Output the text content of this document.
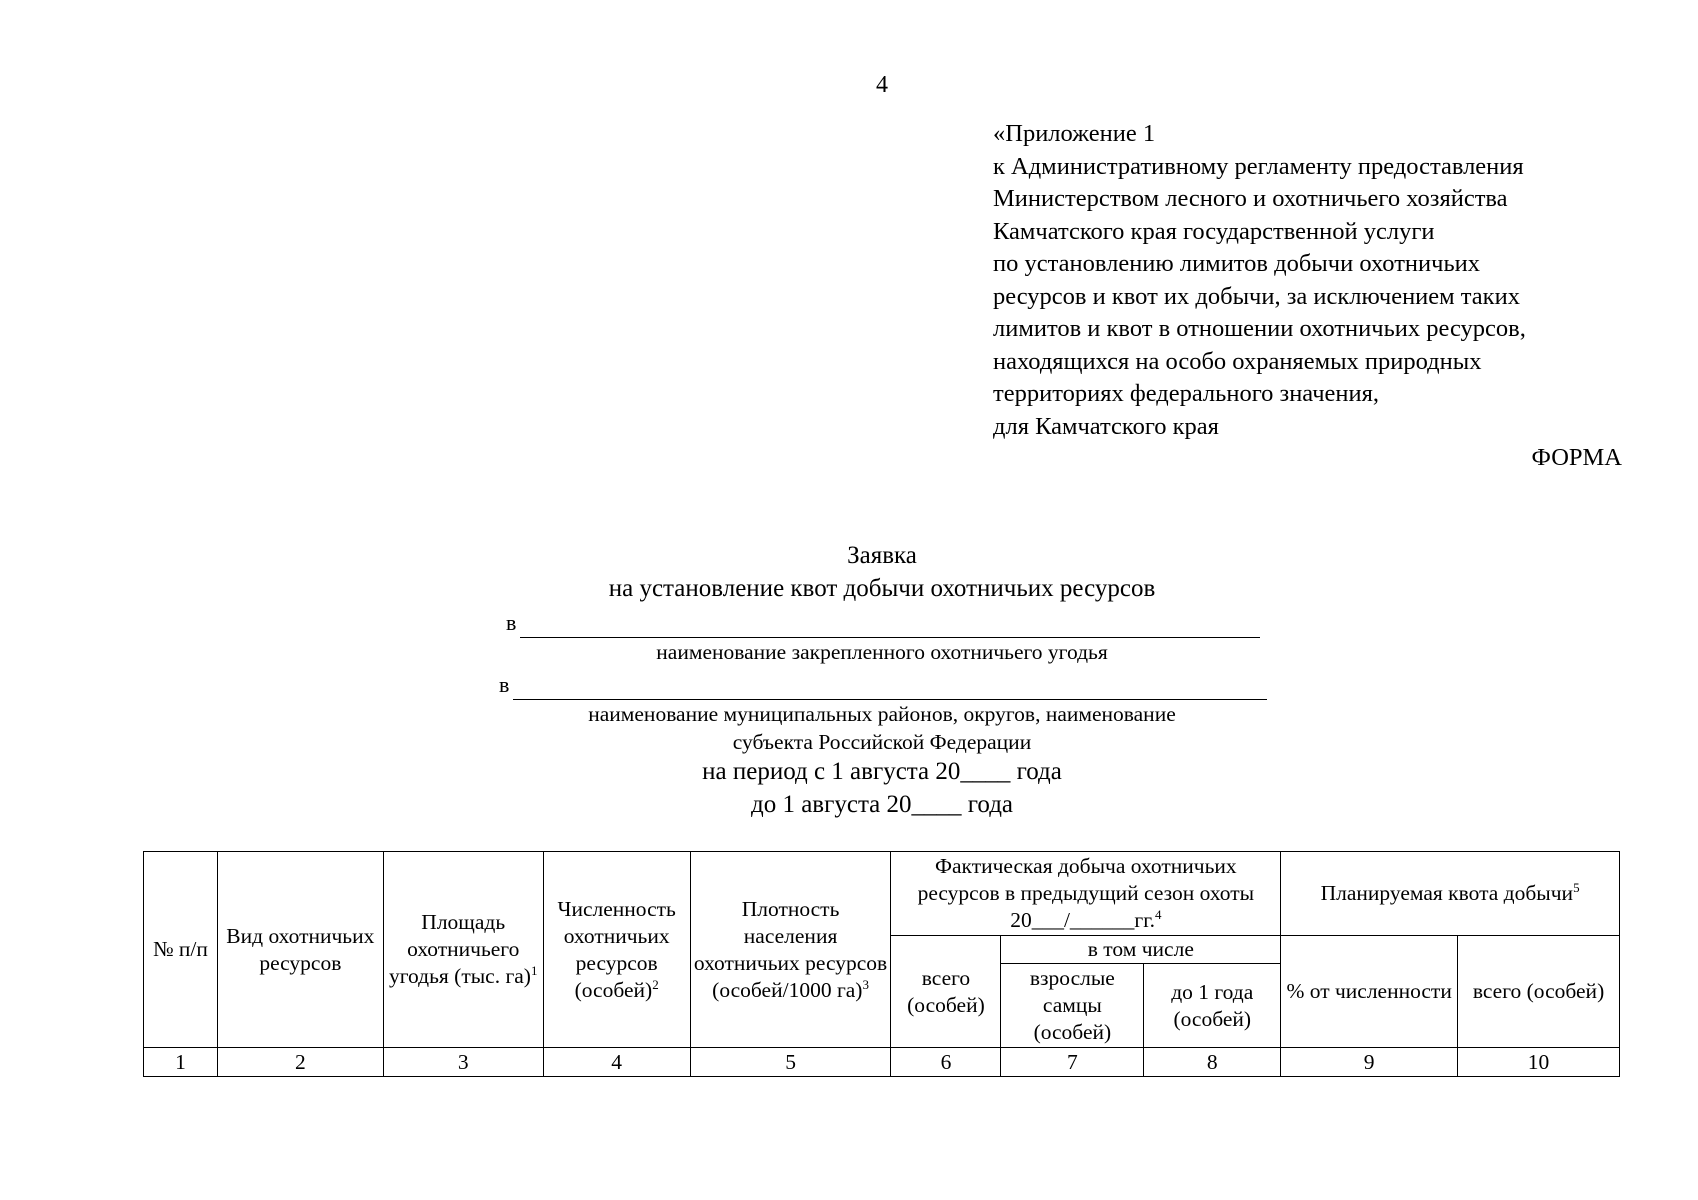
4
«Приложение 1
к Административному регламенту предоставления
Министерством лесного и охотничьего хозяйства
Камчатского края государственной услуги
по установлению лимитов добычи охотничьих
ресурсов и квот их добычи, за исключением таких
лимитов и квот в отношении охотничьих ресурсов,
находящихся на особо охраняемых природных
территориях федерального значения,
для Камчатского края
ФОРМА
Заявка
на установление квот добычи охотничьих ресурсов
в
наименование закрепленного охотничьего угодья
в
наименование муниципальных районов, округов, наименование
субъекта Российской Федерации
на период с 1 августа 20____ года
до 1 августа 20____ года
№ п/п	Вид охотничьих ресурсов	Площадь охотничьего угодья (тыс. га)$^1$	Численность охотничьих ресурсов (особей)$^2$	Плотность населения охотничьих ресурсов (особей/1000 га)$^3$	Фактическая добыча охотничьих ресурсов в предыдущий сезон охоты 20___/______гг.$^4$			Планируемая квота добычи$^5$
					всего (особей)	в том числе		% от численности	всего (особей)
						взрослые самцы (особей)	до 1 года (особей)		
1	2	3	4	5	6	7	8	9	10
